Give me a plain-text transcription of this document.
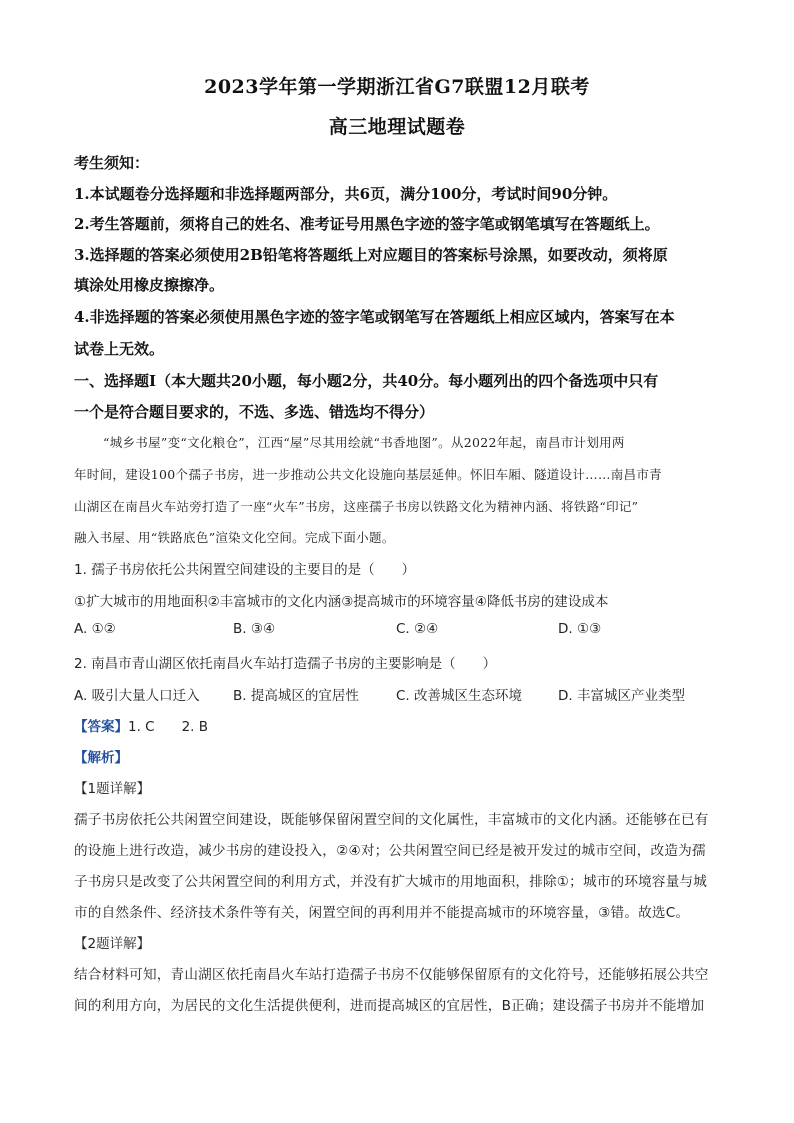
2023学年第一学期浙江省G7联盟12月联考
高三地理试题卷
考生须知：
1.本试题卷分选择题和非选择题两部分，共6页，满分100分，考试时间90分钟。
2.考生答题前，须将自己的姓名、准考证号用黑色字迹的签字笔或钢笔填写在答题纸上。
3.选择题的答案必须使用2B铅笔将答题纸上对应题目的答案标号涂黑，如要改动，须将原
填涂处用橡皮擦擦净。
4.非选择题的答案必须使用黑色字迹的签字笔或钢笔写在答题纸上相应区域内，答案写在本
试卷上无效。
一、选择题Ⅰ（本大题共20小题，每小题2分，共40分。每小题列出的四个备选项中只有
一个是符合题目要求的，不选、多选、错选均不得分）
“城乡书屋”变“文化粮仓”，江西“屋”尽其用绘就“书香地图”。从2022年起，南昌市计划用两
年时间，建设100个孺子书房，进一步推动公共文化设施向基层延伸。怀旧车厢、隧道设计……南昌市青
山湖区在南昌火车站旁打造了一座“火车”书房，这座孺子书房以铁路文化为精神内涵、将铁路“印记”
融入书屋、用“铁路底色”渲染文化空间。完成下面小题。
1. 孺子书房依托公共闲置空间建设的主要目的是（　　）
①扩大城市的用地面积②丰富城市的文化内涵③提高城市的环境容量④降低书房的建设成本
A. ①②	B. ③④	C. ②④	D. ①③
2. 南昌市青山湖区依托南昌火车站打造孺子书房的主要影响是（　　）
A. 吸引大量人口迁入 B. 提高城区的宜居性	C. 改善城区生态环境	D. 丰富城区产业类型
【答案】1. C　　2. B
【解析】
【1题详解】
孺子书房依托公共闲置空间建设，既能够保留闲置空间的文化属性，丰富城市的文化内涵。还能够在已有
的设施上进行改造，减少书房的建设投入，②④对；公共闲置空间已经是被开发过的城市空间，改造为孺
子书房只是改变了公共闲置空间的利用方式，并没有扩大城市的用地面积，排除①；城市的环境容量与城
市的自然条件、经济技术条件等有关，闲置空间的再利用并不能提高城市的环境容量，③错。故选C。
【2题详解】
结合材料可知，青山湖区依托南昌火车站打造孺子书房不仅能够保留原有的文化符号，还能够拓展公共空
间的利用方向，为居民的文化生活提供便利，进而提高城区的宜居性，B正确；建设孺子书房并不能增加
